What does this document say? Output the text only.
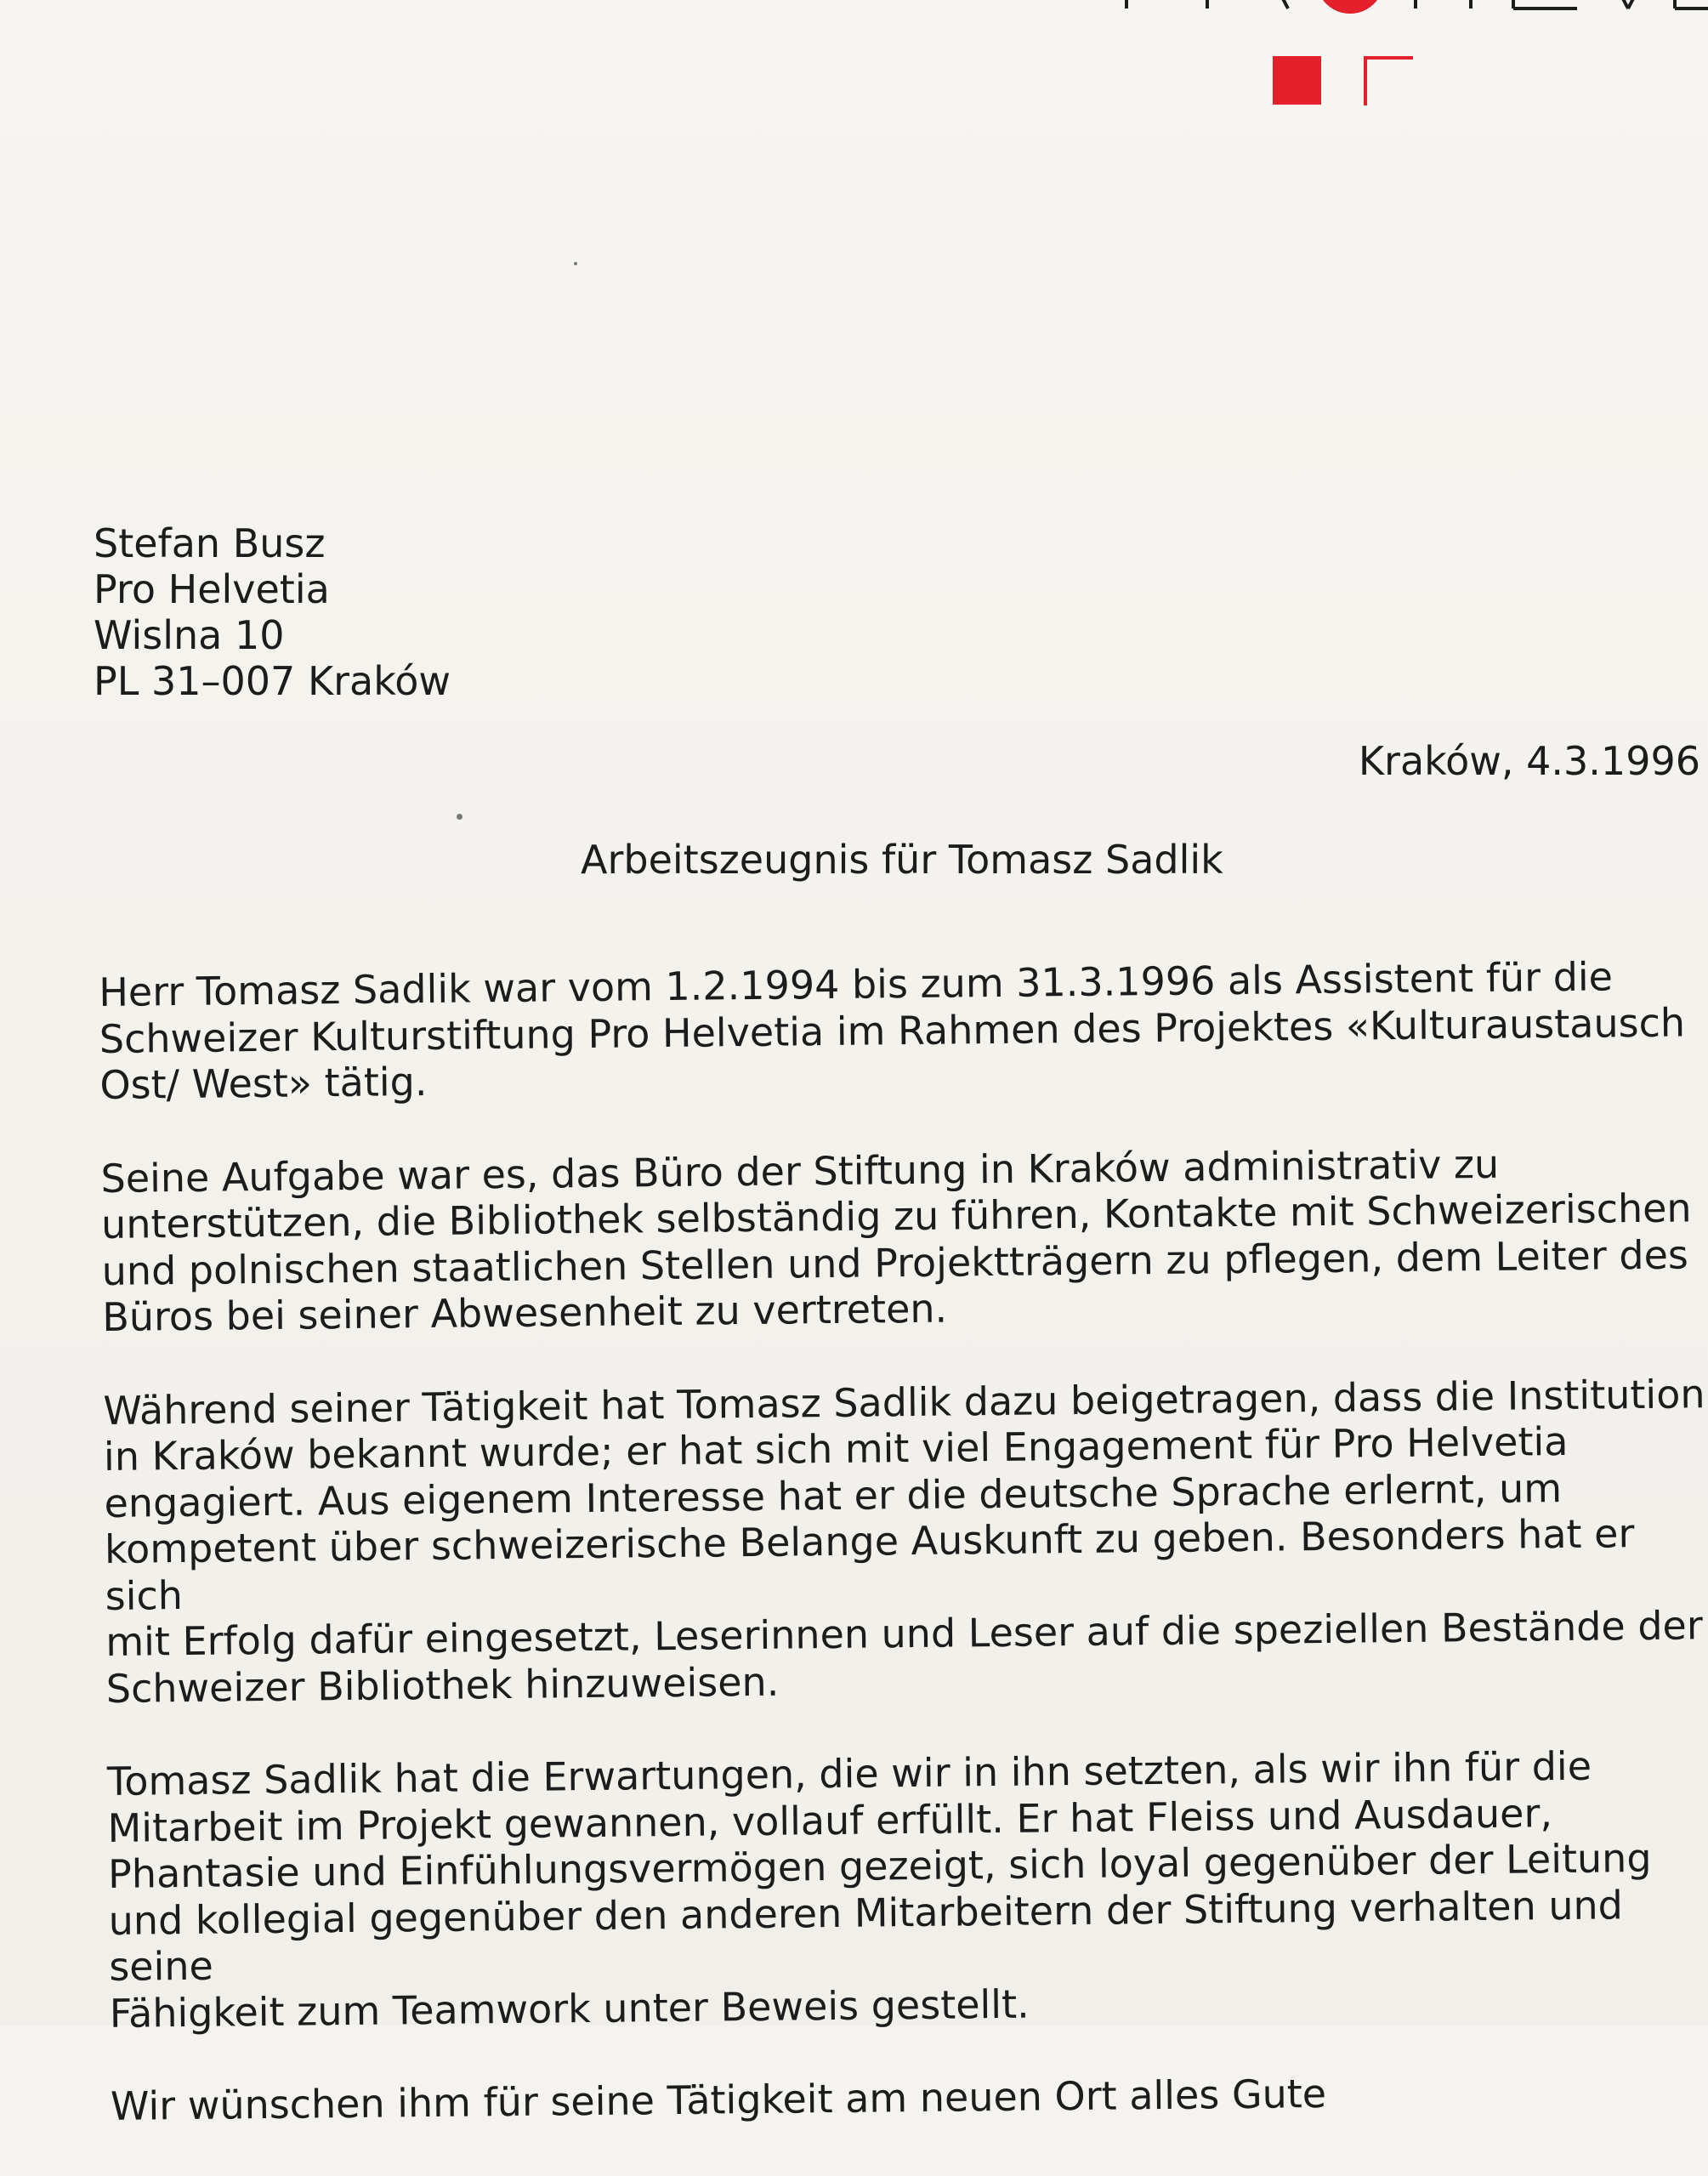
Stefan Busz
Pro Helvetia
Wislna 10
PL 31–007 Kraków
Kraków, 4.3.1996
Arbeitszeugnis für Tomasz Sadlik

Herr Tomasz Sadlik war vom 1.2.1994 bis zum 31.3.1996 als Assistent für die
Schweizer Kulturstiftung Pro Helvetia im Rahmen des Projektes «Kulturaustausch
Ost/ West» tätig.

Seine Aufgabe war es, das Büro der Stiftung in Kraków administrativ zu
unterstützen, die Bibliothek selbständig zu führen, Kontakte mit Schweizerischen
und polnischen staatlichen Stellen und Projektträgern zu pflegen, dem Leiter des
Büros bei seiner Abwesenheit zu vertreten.

Während seiner Tätigkeit hat Tomasz Sadlik dazu beigetragen, dass die Institution
in Kraków bekannt wurde; er hat sich mit viel Engagement für Pro Helvetia
engagiert. Aus eigenem Interesse hat er die deutsche Sprache erlernt, um
kompetent über schweizerische Belange Auskunft zu geben. Besonders hat er sich
mit Erfolg dafür eingesetzt, Leserinnen und Leser auf die speziellen Bestände der
Schweizer Bibliothek hinzuweisen.

Tomasz Sadlik hat die Erwartungen, die wir in ihn setzten, als wir ihn für die
Mitarbeit im Projekt gewannen, vollauf erfüllt. Er hat Fleiss und Ausdauer,
Phantasie und Einfühlungsvermögen gezeigt, sich loyal gegenüber der Leitung
und kollegial gegenüber den anderen Mitarbeitern der Stiftung verhalten und seine
Fähigkeit zum Teamwork unter Beweis gestellt.

Wir wünschen ihm für seine Tätigkeit am neuen Ort alles Gute
